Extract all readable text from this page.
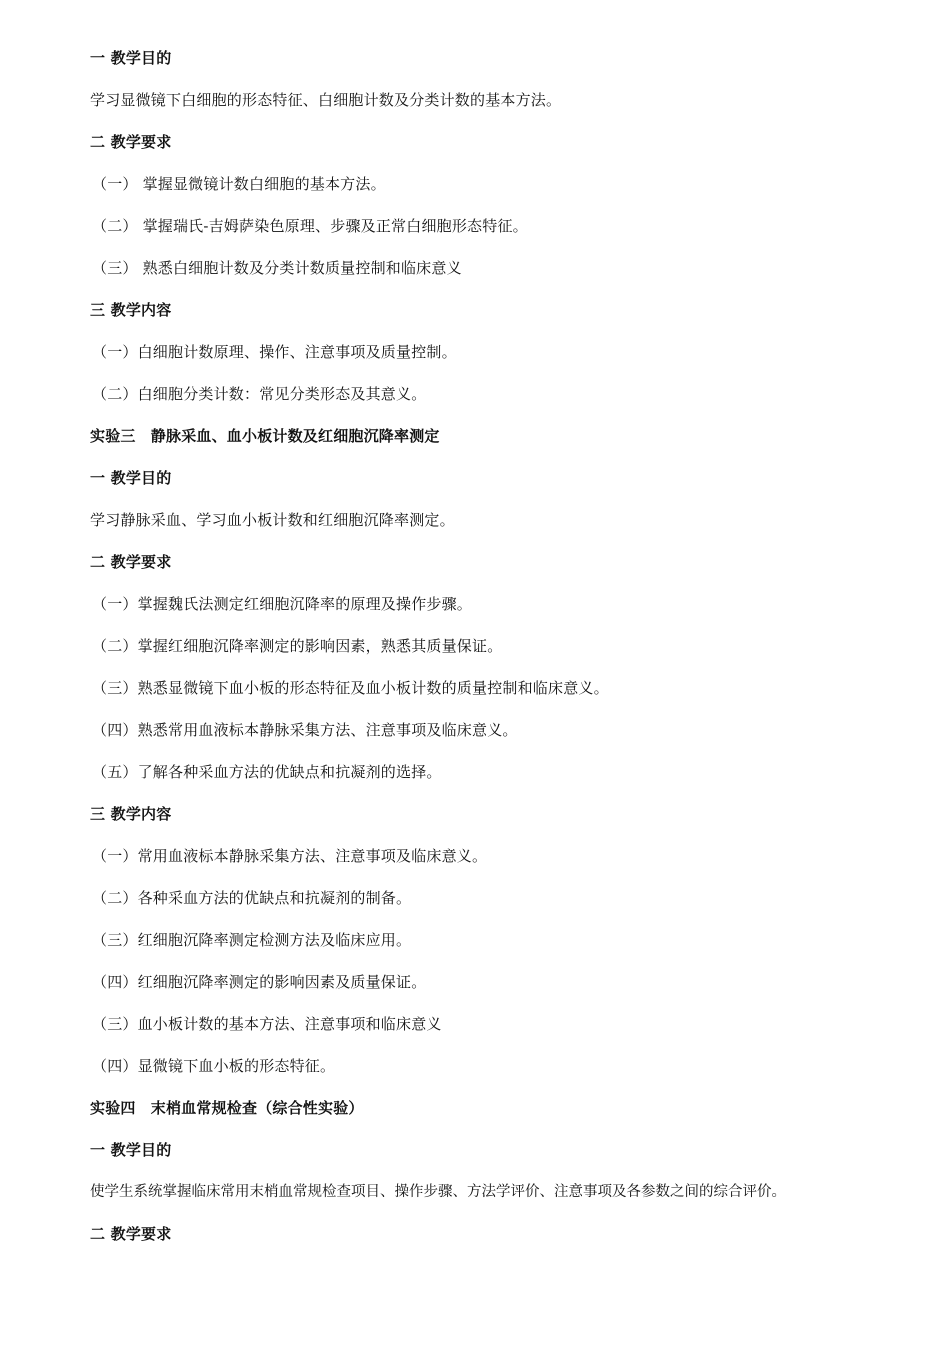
一 教学目的
学习显微镜下白细胞的形态特征、白细胞计数及分类计数的基本方法。
二 教学要求
（一） 掌握显微镜计数白细胞的基本方法。
（二） 掌握瑞氏-吉姆萨染色原理、步骤及正常白细胞形态特征。
（三） 熟悉白细胞计数及分类计数质量控制和临床意义
三 教学内容
（一）白细胞计数原理、操作、注意事项及质量控制。
（二）白细胞分类计数：常见分类形态及其意义。
实验三　静脉采血、血小板计数及红细胞沉降率测定
一 教学目的
学习静脉采血、学习血小板计数和红细胞沉降率测定。
二 教学要求
（一）掌握魏氏法测定红细胞沉降率的原理及操作步骤。
（二）掌握红细胞沉降率测定的影响因素，熟悉其质量保证。
（三）熟悉显微镜下血小板的形态特征及血小板计数的质量控制和临床意义。
（四）熟悉常用血液标本静脉采集方法、注意事项及临床意义。
（五）了解各种采血方法的优缺点和抗凝剂的选择。
三 教学内容
（一）常用血液标本静脉采集方法、注意事项及临床意义。
（二）各种采血方法的优缺点和抗凝剂的制备。
（三）红细胞沉降率测定检测方法及临床应用。
（四）红细胞沉降率测定的影响因素及质量保证。
（三）血小板计数的基本方法、注意事项和临床意义
（四）显微镜下血小板的形态特征。
实验四　末梢血常规检查（综合性实验）
一 教学目的
使学生系统掌握临床常用末梢血常规检查项目、操作步骤、方法学评价、注意事项及各参数之间的综合评价。
二 教学要求
